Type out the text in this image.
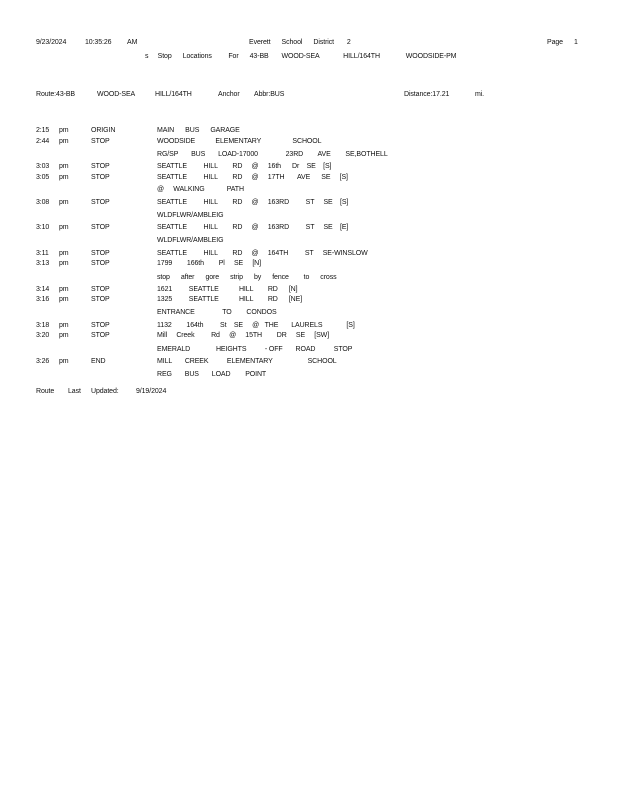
9/23/2024	10:35:26 AM	Everett      School      District       2	Page 1
s     Stop      Locations         For      43-BB       WOOD-SEA             HILL/164TH              WOODSIDE-PM
Route:43-BB	WOOD-SEA	HILL/164TH	Anchor Abbr:BUS	Distance:17.21	mi.
2:15 pm	ORIGIN	MAIN      BUS      GARAGE
2:44 pm	STOP	WOODSIDE           ELEMENTARY                 SCHOOL
RG/SP       BUS       LOAD-17000               23RD        AVE        SE,BOTHELL
3:03 pm	STOP	SEATTLE         HILL        RD     @     16th      Dr    SE    [S]
3:05 pm	STOP	SEATTLE         HILL        RD     @     17TH       AVE      SE     [S]
@     WALKING            PATH
3:08 pm	STOP	SEATTLE         HILL        RD     @     163RD         ST     SE    [S]
WLDFLWR/AMBLEIG
3:10 pm	STOP	SEATTLE         HILL        RD     @     163RD         ST     SE    [E]
WLDFLWR/AMBLEIG
3:11 pm	STOP	SEATTLE         HILL        RD     @     164TH         ST     SE-WINSLOW
3:13 pm	STOP	1799        166th        Pl     SE     [N]
stop      after      gore      strip      by      fence        to      cross
3:14 pm	STOP	1621         SEATTLE           HILL        RD      [N]
3:16 pm	STOP	1325         SEATTLE           HILL        RD      [NE]
ENTRANCE               TO        CONDOS
3:18 pm	STOP	1132        164th         St    SE     @   THE       LAURELS             [S]
3:20 pm	STOP	Mill     Creek         Rd     @     15TH        DR     SE     [SW]
EMERALD              HEIGHTS          - OFF       ROAD          STOP
3:26 pm	END	MILL       CREEK          ELEMENTARY                   SCHOOL
REG       BUS       LOAD        POINT
Route Last Updated: 9/19/2024
